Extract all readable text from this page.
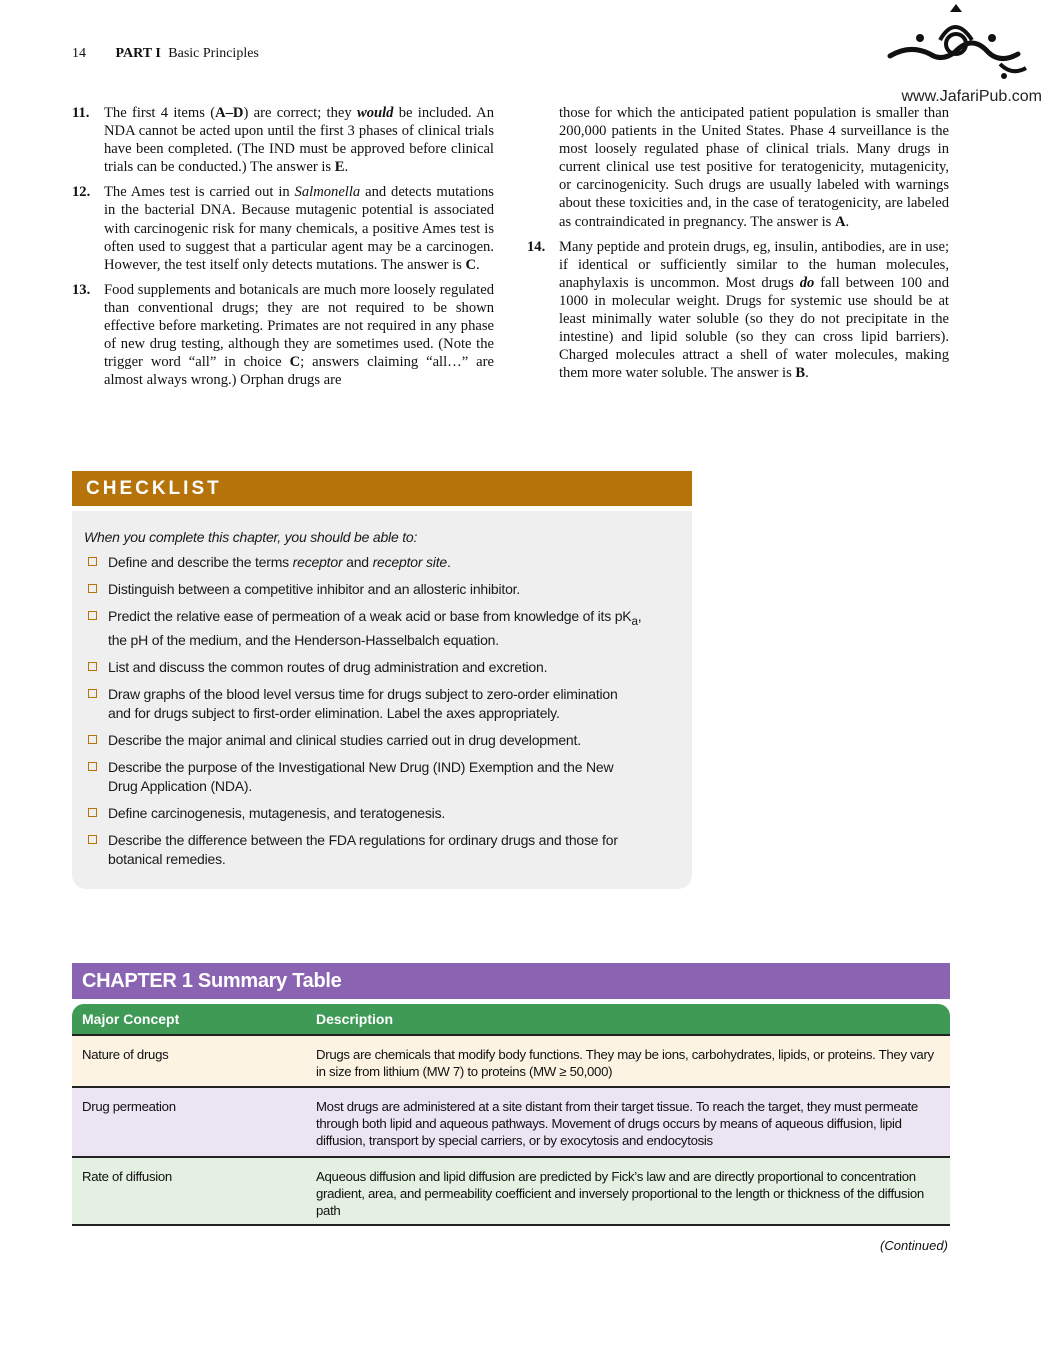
14 PART I Basic Principles
www.JafariPub.com
11. The first 4 items (A–D) are correct; they would be included. An NDA cannot be acted upon until the first 3 phases of clinical trials have been completed. (The IND must be approved before clinical trials can be conducted.) The answer is E.
12. The Ames test is carried out in Salmonella and detects mutations in the bacterial DNA. Because mutagenic potential is associated with carcinogenic risk for many chemicals, a positive Ames test is often used to suggest that a particular agent may be a carcinogen. However, the test itself only detects mutations. The answer is C.
13. Food supplements and botanicals are much more loosely regulated than conventional drugs; they are not required to be shown effective before marketing. Primates are not required in any phase of new drug testing, although they are sometimes used. (Note the trigger word “all” in choice C; answers claiming “all…” are almost always wrong.) Orphan drugs are
those for which the anticipated patient population is smaller than 200,000 patients in the United States. Phase 4 surveillance is the most loosely regulated phase of clinical trials. Many drugs in current clinical use test positive for teratogenicity, mutagenicity, or carcinogenicity. Such drugs are usually labeled with warnings about these toxicities and, in the case of teratogenicity, are labeled as contraindicated in pregnancy. The answer is A.
14. Many peptide and protein drugs, eg, insulin, antibodies, are in use; if identical or sufficiently similar to the human molecules, anaphylaxis is uncommon. Most drugs do fall between 100 and 1000 in molecular weight. Drugs for systemic use should be at least minimally water soluble (so they do not precipitate in the intestine) and lipid soluble (so they can cross lipid barriers). Charged molecules attract a shell of water molecules, making them more water soluble. The answer is B.
CHECKLIST
When you complete this chapter, you should be able to:
Define and describe the terms receptor and receptor site.
Distinguish between a competitive inhibitor and an allosteric inhibitor.
Predict the relative ease of permeation of a weak acid or base from knowledge of its $pK_a$,
the pH of the medium, and the Henderson-Hasselbalch equation.
List and discuss the common routes of drug administration and excretion.
Draw graphs of the blood level versus time for drugs subject to zero-order elimination
and for drugs subject to first-order elimination. Label the axes appropriately.
Describe the major animal and clinical studies carried out in drug development.
Describe the purpose of the Investigational New Drug (IND) Exemption and the New
Drug Application (NDA).
Define carcinogenesis, mutagenesis, and teratogenesis.
Describe the difference between the FDA regulations for ordinary drugs and those for
botanical remedies.
CHAPTER 1 Summary Table
Major Concept	Description
Nature of drugs	Drugs are chemicals that modify body functions. They may be ions, carbohydrates, lipids, or proteins. They vary in size from lithium (MW 7) to proteins (MW ≥ 50,000)
Drug permeation	Most drugs are administered at a site distant from their target tissue. To reach the target, they must permeate through both lipid and aqueous pathways. Movement of drugs occurs by means of aqueous diffusion, lipid diffusion, transport by special carriers, or by exocytosis and endocytosis
Rate of diffusion	Aqueous diffusion and lipid diffusion are predicted by Fick’s law and are directly proportional to concentration gradient, area, and permeability coefficient and inversely proportional to the length or thickness of the diffusion path
(Continued)
